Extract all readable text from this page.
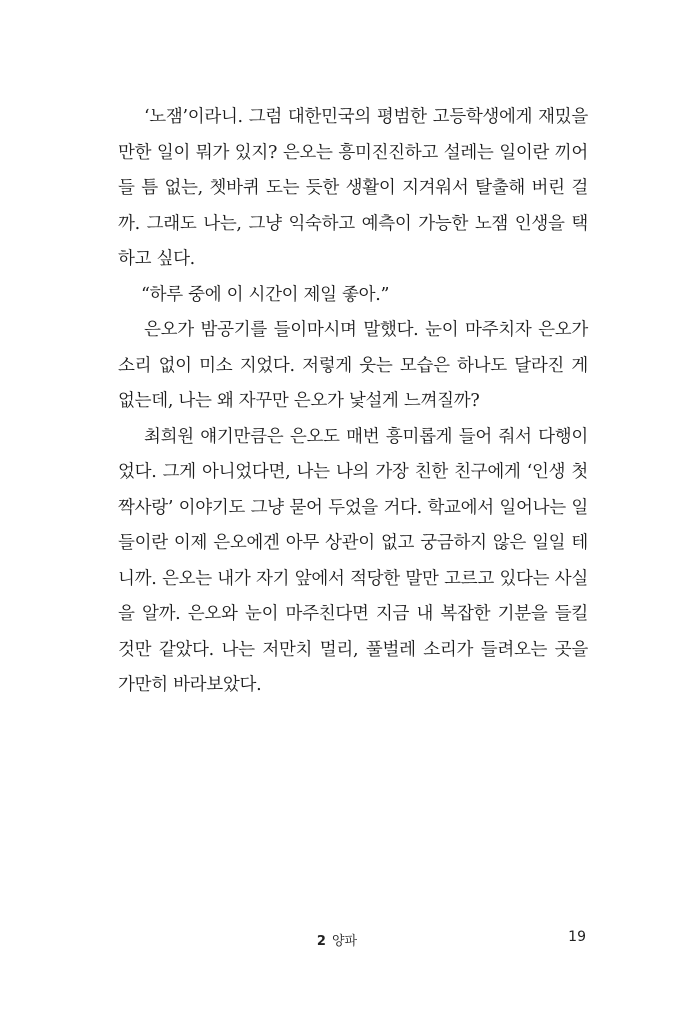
‘노잼’이라니. 그럼 대한민국의 평범한 고등학생에게 재밌을 만한 일이 뭐가 있지? 은오는 흥미진진하고 설레는 일이란 끼어들 틈 없는, 쳇바퀴 도는 듯한 생활이 지겨워서 탈출해 버린 걸까. 그래도 나는, 그냥 익숙하고 예측이 가능한 노잼 인생을 택하고 싶다.

“하루 중에 이 시간이 제일 좋아.”

은오가 밤공기를 들이마시며 말했다. 눈이 마주치자 은오가 소리 없이 미소 지었다. 저렇게 웃는 모습은 하나도 달라진 게 없는데, 나는 왜 자꾸만 은오가 낯설게 느껴질까?

최희원 얘기만큼은 은오도 매번 흥미롭게 들어 줘서 다행이었다. 그게 아니었다면, 나는 나의 가장 친한 친구에게 ‘인생 첫 짝사랑’ 이야기도 그냥 묻어 두었을 거다. 학교에서 일어나는 일들이란 이제 은오에겐 아무 상관이 없고 궁금하지 않은 일일 테니까. 은오는 내가 자기 앞에서 적당한 말만 고르고 있다는 사실을 알까. 은오와 눈이 마주친다면 지금 내 복잡한 기분을 들킬 것만 같았다. 나는 저만치 멀리, 풀벌레 소리가 들려오는 곳을 가만히 바라보았다.

2 양파	19
